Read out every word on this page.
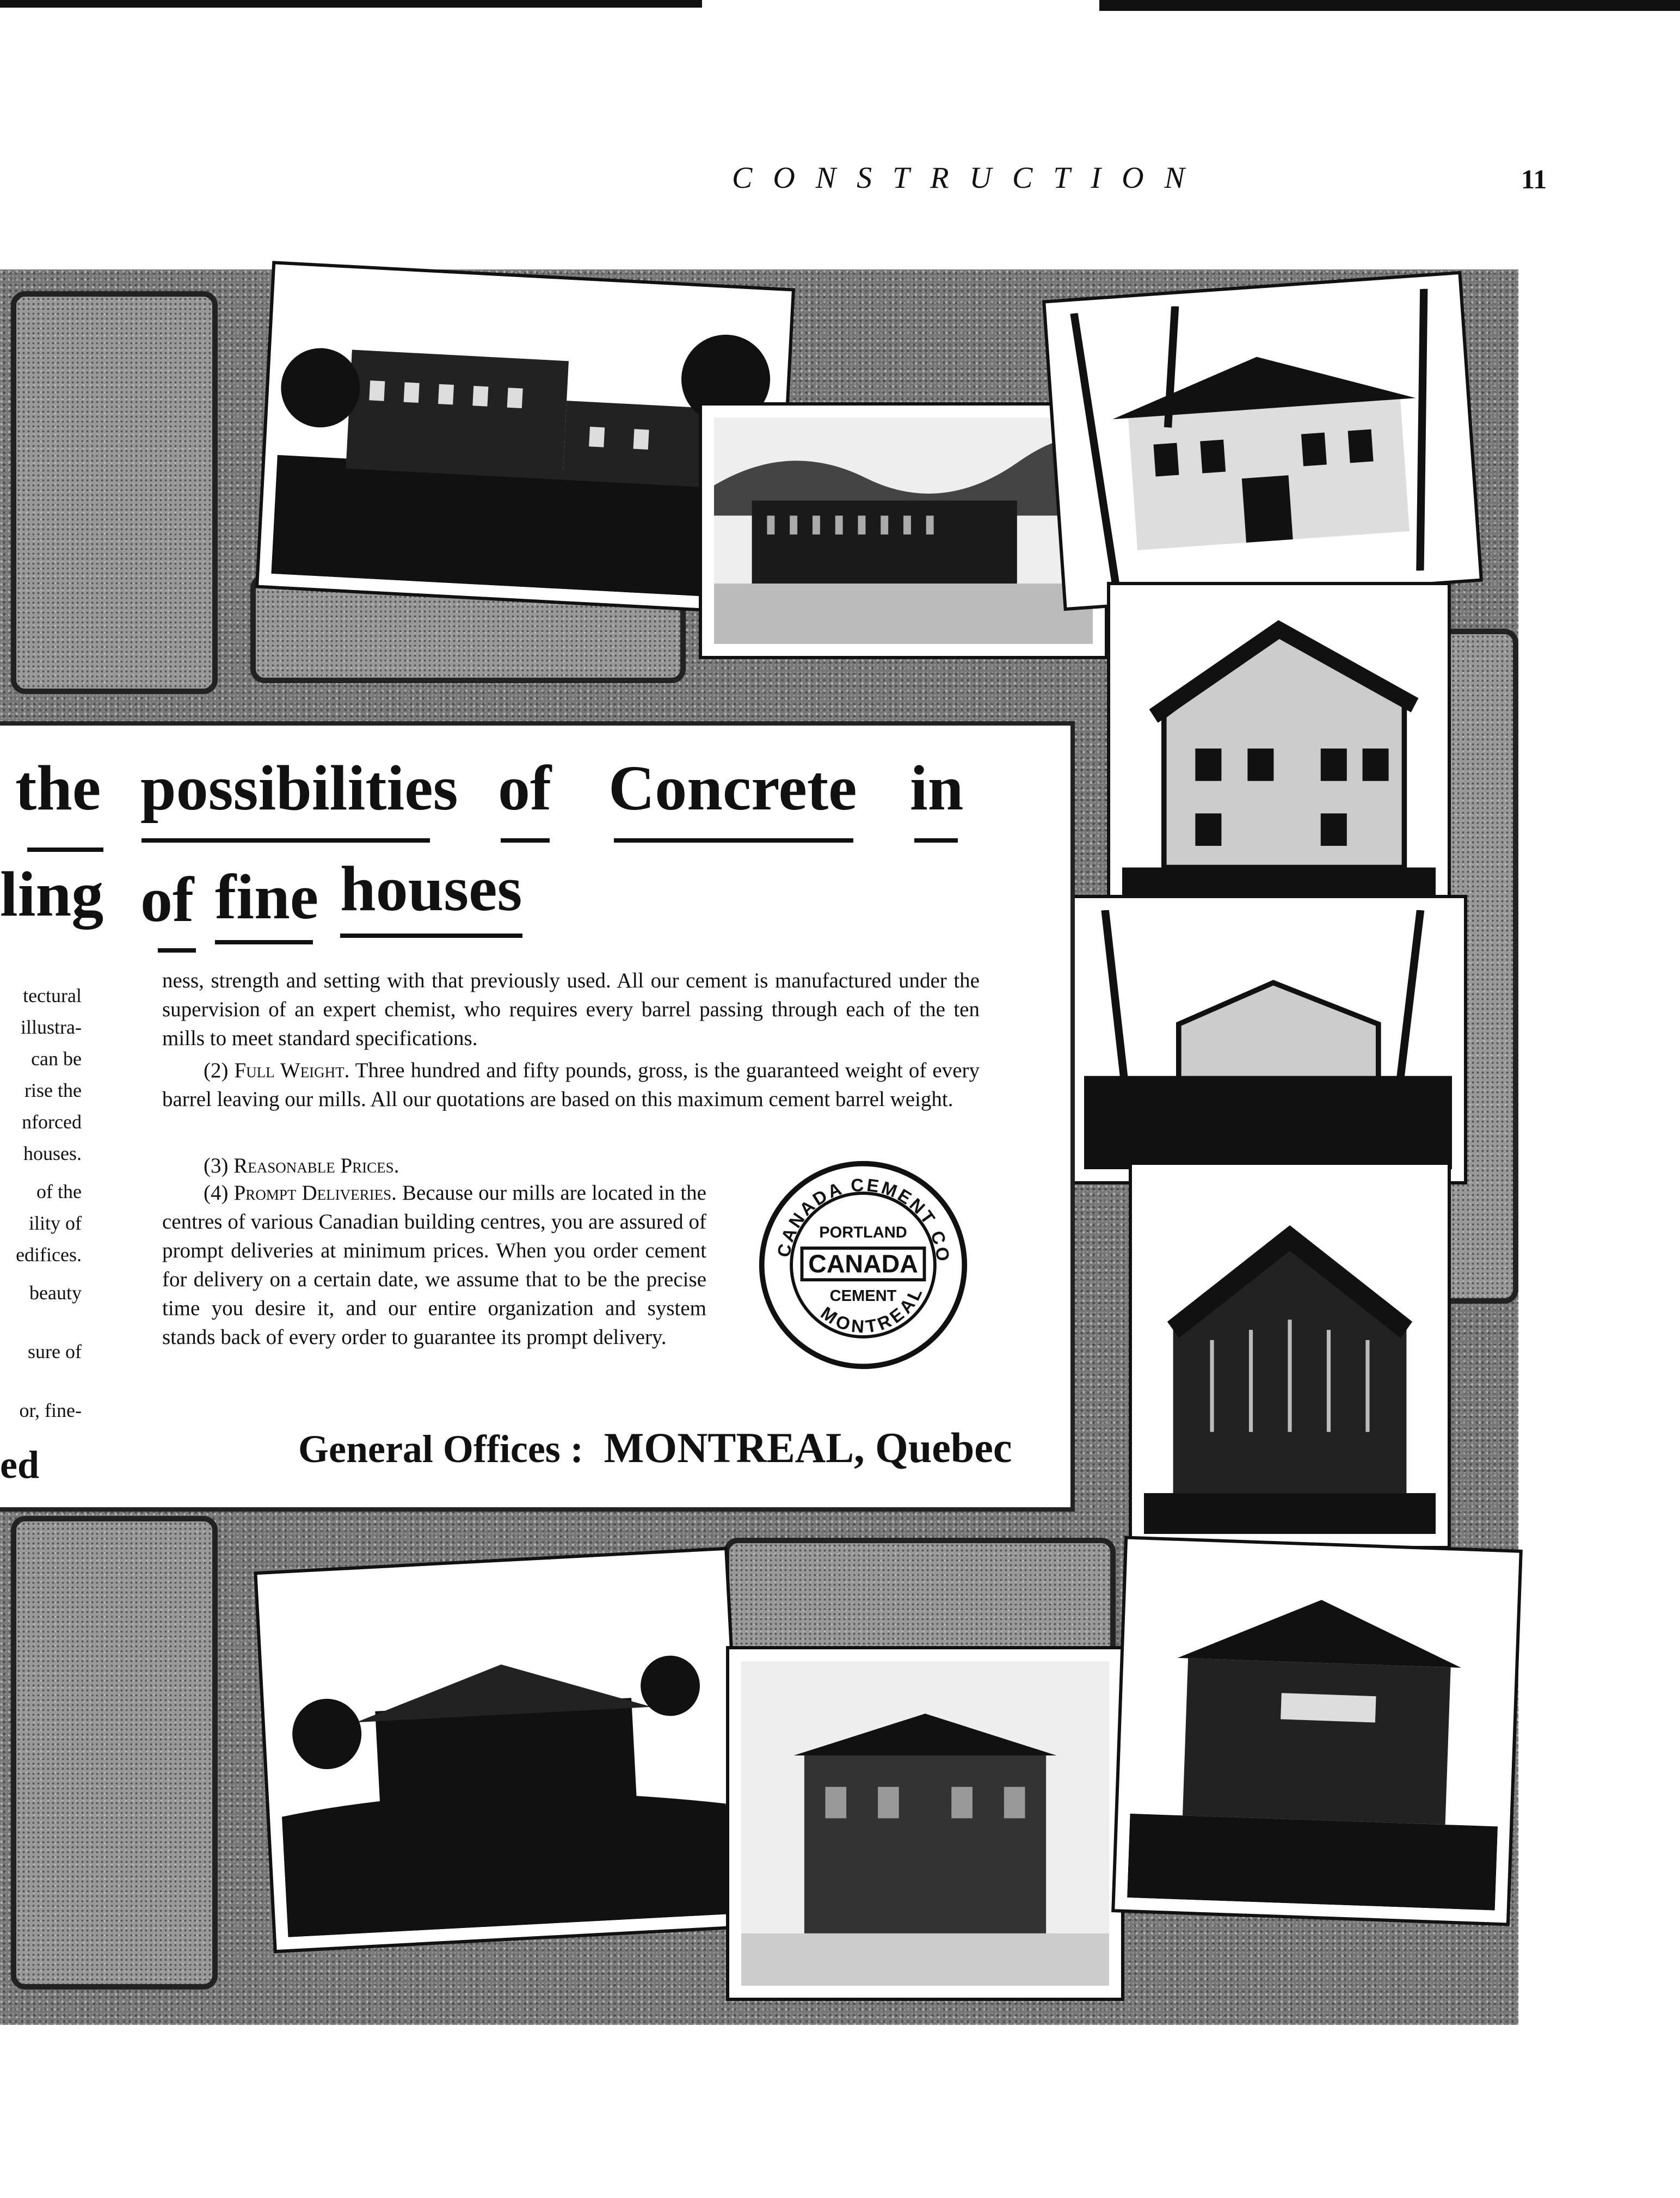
CONSTRUCTION	11
the possibilities of Concrete in
ling of fine houses
tectural
illustra-
can be
rise the
nforced
houses.
of the
ility of
edifices.
beauty
sure of
or, fine-
ed

ness, strength and setting with that previously used. All our cement is manufactured under the supervision of an expert chemist, who requires every barrel passing through each of the ten mills to meet standard specifications.

(2) Full Weight. Three hundred and fifty pounds, gross, is the guaranteed weight of every barrel leaving our mills. All our quotations are based on this maximum cement barrel weight.

(3) Reasonable Prices.

(4) Prompt Deliveries. Because our mills are located in the centres of various Canadian building centres, you are assured of prompt deliveries at minimum prices. When you order cement for delivery on a certain date, we assume that to be the precise time you desire it, and our entire organization and system stands back of every order to guarantee its prompt delivery.

CANADA CEMENT CO
MONTREAL
PORTLAND
CANADA
CEMENT
General Offices : MONTREAL, Quebec
